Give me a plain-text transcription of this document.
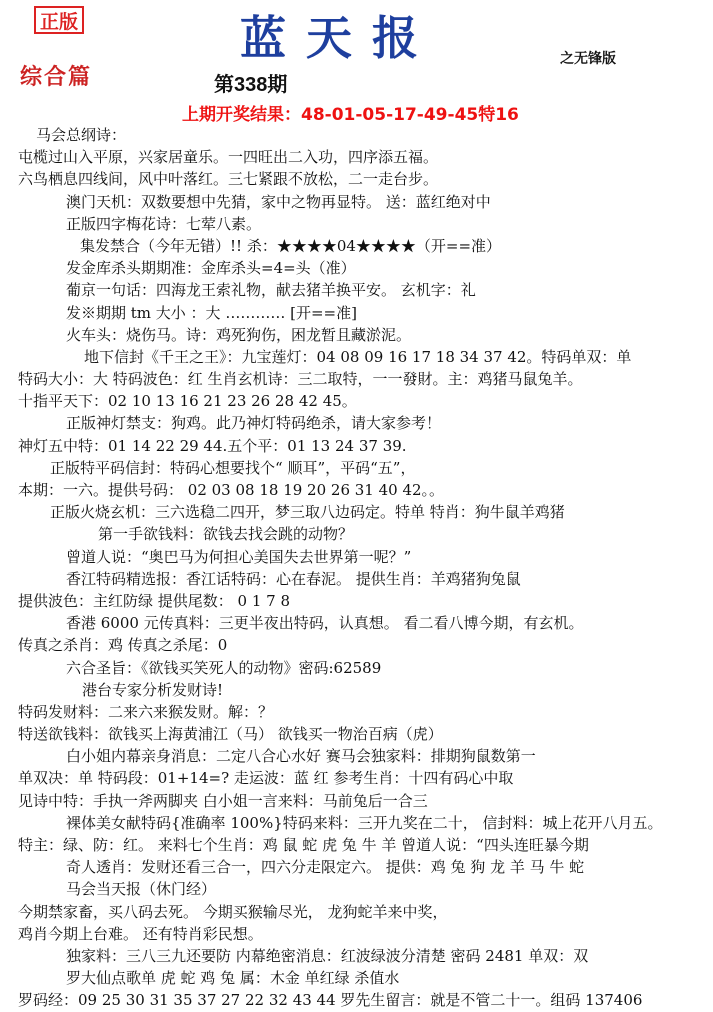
正版	蓝天报	之无锋版
综合篇	第338期
上期开奖结果：48-01-05-17-49-45特16
马会总纲诗：
屯榄过山入平原，兴家居童乐。一四旺出二入功，四序添五福。
六鸟栖息四线间，风中叶落红。三七紧跟不放松，二一走台步。
澳门天机：双数要想中先猜，家中之物再显特。 送：蓝红绝对中
正版四字梅花诗：七荤八素。
集发禁合（今年无错）!! 杀：★★★★04★★★★（开==准）
发金库杀头期期准：金库杀头=4=头（准）
葡京一句话：四海龙王索礼物，献去猪羊换平安。 玄机字：礼
发※期期 tm 大小 ：大 ………… [开==准]
火车头：烧伤马。诗：鸡死狗伤，困龙暂且藏淤泥。
地下信封《千王之王》：九宝莲灯：04 08 09 16 17 18 34 37 42。特码单双：单
特码大小：大 特码波色：红 生肖玄机诗：三二取特，一一發財。主：鸡猪马鼠兔羊。
十指平天下：02 10 13 16 21 23 26 28 42 45。
正版神灯禁支：狗鸡。此乃神灯特码绝杀，请大家参考！
神灯五中特：01 14 22 29 44.五个平：01 13 24 37 39.
正版特平码信封：特码心想要找个“ 顺耳”，平码“五”，
本期：一六。提供号码： 02 03 08 18 19 20 26 31 40 42。。
正版火烧玄机：三六选稳二四开，梦三取八边码定。特单 特肖：狗牛鼠羊鸡猪
第一手欲钱料：欲钱去找会跳的动物？
曾道人说：“奥巴马为何担心美国失去世界第一呢？”
香江特码精选报：香江话特码：心在春泥。 提供生肖：羊鸡猪狗兔鼠
提供波色：主红防绿 提供尾数： 0 1 7 8
香港 6000 元传真料：三更半夜出特码，认真想。 看二看八博今期，有玄机。
传真之杀肖：鸡 传真之杀尾：0
六合圣旨：《欲钱买笑死人的动物》密码:62589
港台专家分析发财诗!
特码发财料：二来六来猴发财。解：？
特送欲钱料：欲钱买上海黄浦江（马） 欲钱买一物治百病（虎）
白小姐内幕亲身消息：二定八合心水好 赛马会独家料：排期狗鼠数第一
单双决：单 特码段：01+14=? 走运波：蓝 红 参考生肖：十四有码心中取
见诗中特：手执一斧两脚夹 白小姐一言来料：马前兔后一合三
裸体美女献特码{准确率 100%}特码来料：三开九奖在二十， 信封料：城上花开八月五。
特主：绿、防：红。 来料七个生肖：鸡 鼠 蛇 虎 兔 牛 羊 曾道人说：“四头连旺暴今期
奇人透肖：发财还看三合一，四六分走限定六。 提供：鸡 兔 狗 龙 羊 马 牛 蛇
马会当天报（休门经）
今期禁家畜，买八码去死。 今期买猴输尽光， 龙狗蛇羊来中奖，
鸡肖今期上台难。 还有特肖彩民想。
独家料：三八三九还要防 内幕绝密消息：红波绿波分清楚 密码 2481 单双：双
罗大仙点歌单 虎 蛇 鸡 兔 属：木金 单红绿 杀值水
罗码经：09 25 30 31 35 37 27 22 32 43 44 罗先生留言：就是不管二十一。组码 137406
